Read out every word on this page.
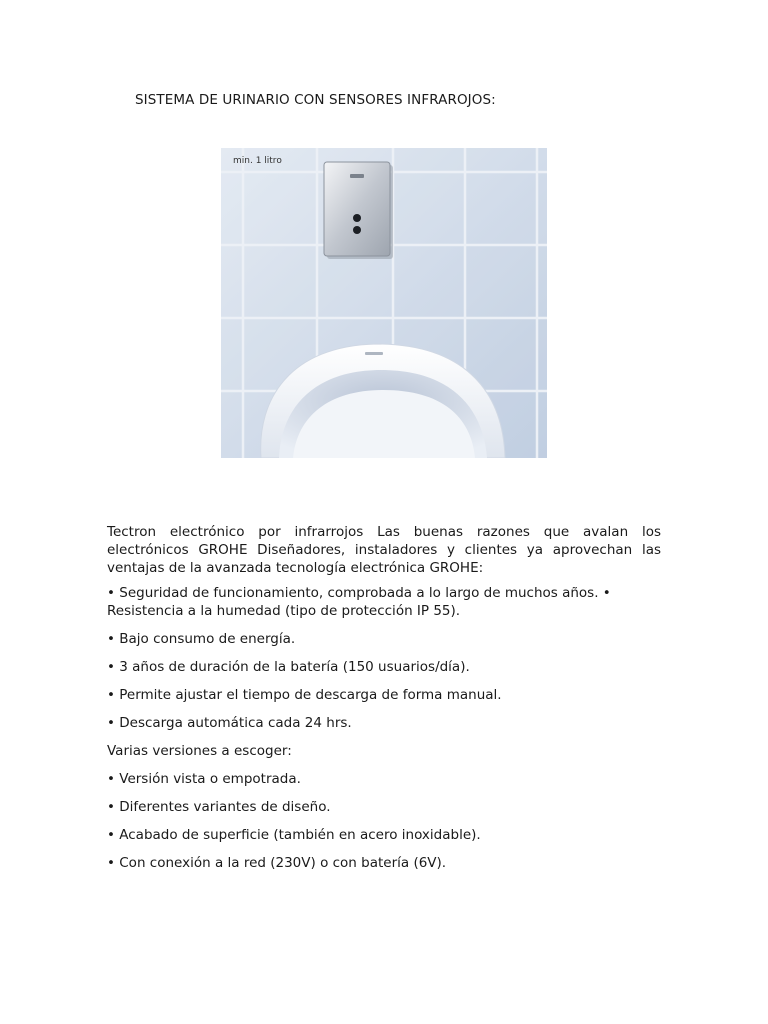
SISTEMA DE URINARIO CON SENSORES INFRAROJOS:
min. 1 litro

Tectron electrónico por infrarrojos Las buenas razones que avalan los electrónicos GROHE Diseñadores, instaladores y clientes ya aprovechan las ventajas de la avanzada tecnología electrónica GROHE:

• Seguridad de funcionamiento, comprobada a lo largo de muchos años. • Resistencia a la humedad (tipo de protección IP 55).

• Bajo consumo de energía.

• 3 años de duración de la batería (150 usuarios/día).

• Permite ajustar el tiempo de descarga de forma manual.

• Descarga automática cada 24 hrs.

Varias versiones a escoger:

• Versión vista o empotrada.

• Diferentes variantes de diseño.

• Acabado de superficie (también en acero inoxidable).

• Con conexión a la red (230V) o con batería (6V).
